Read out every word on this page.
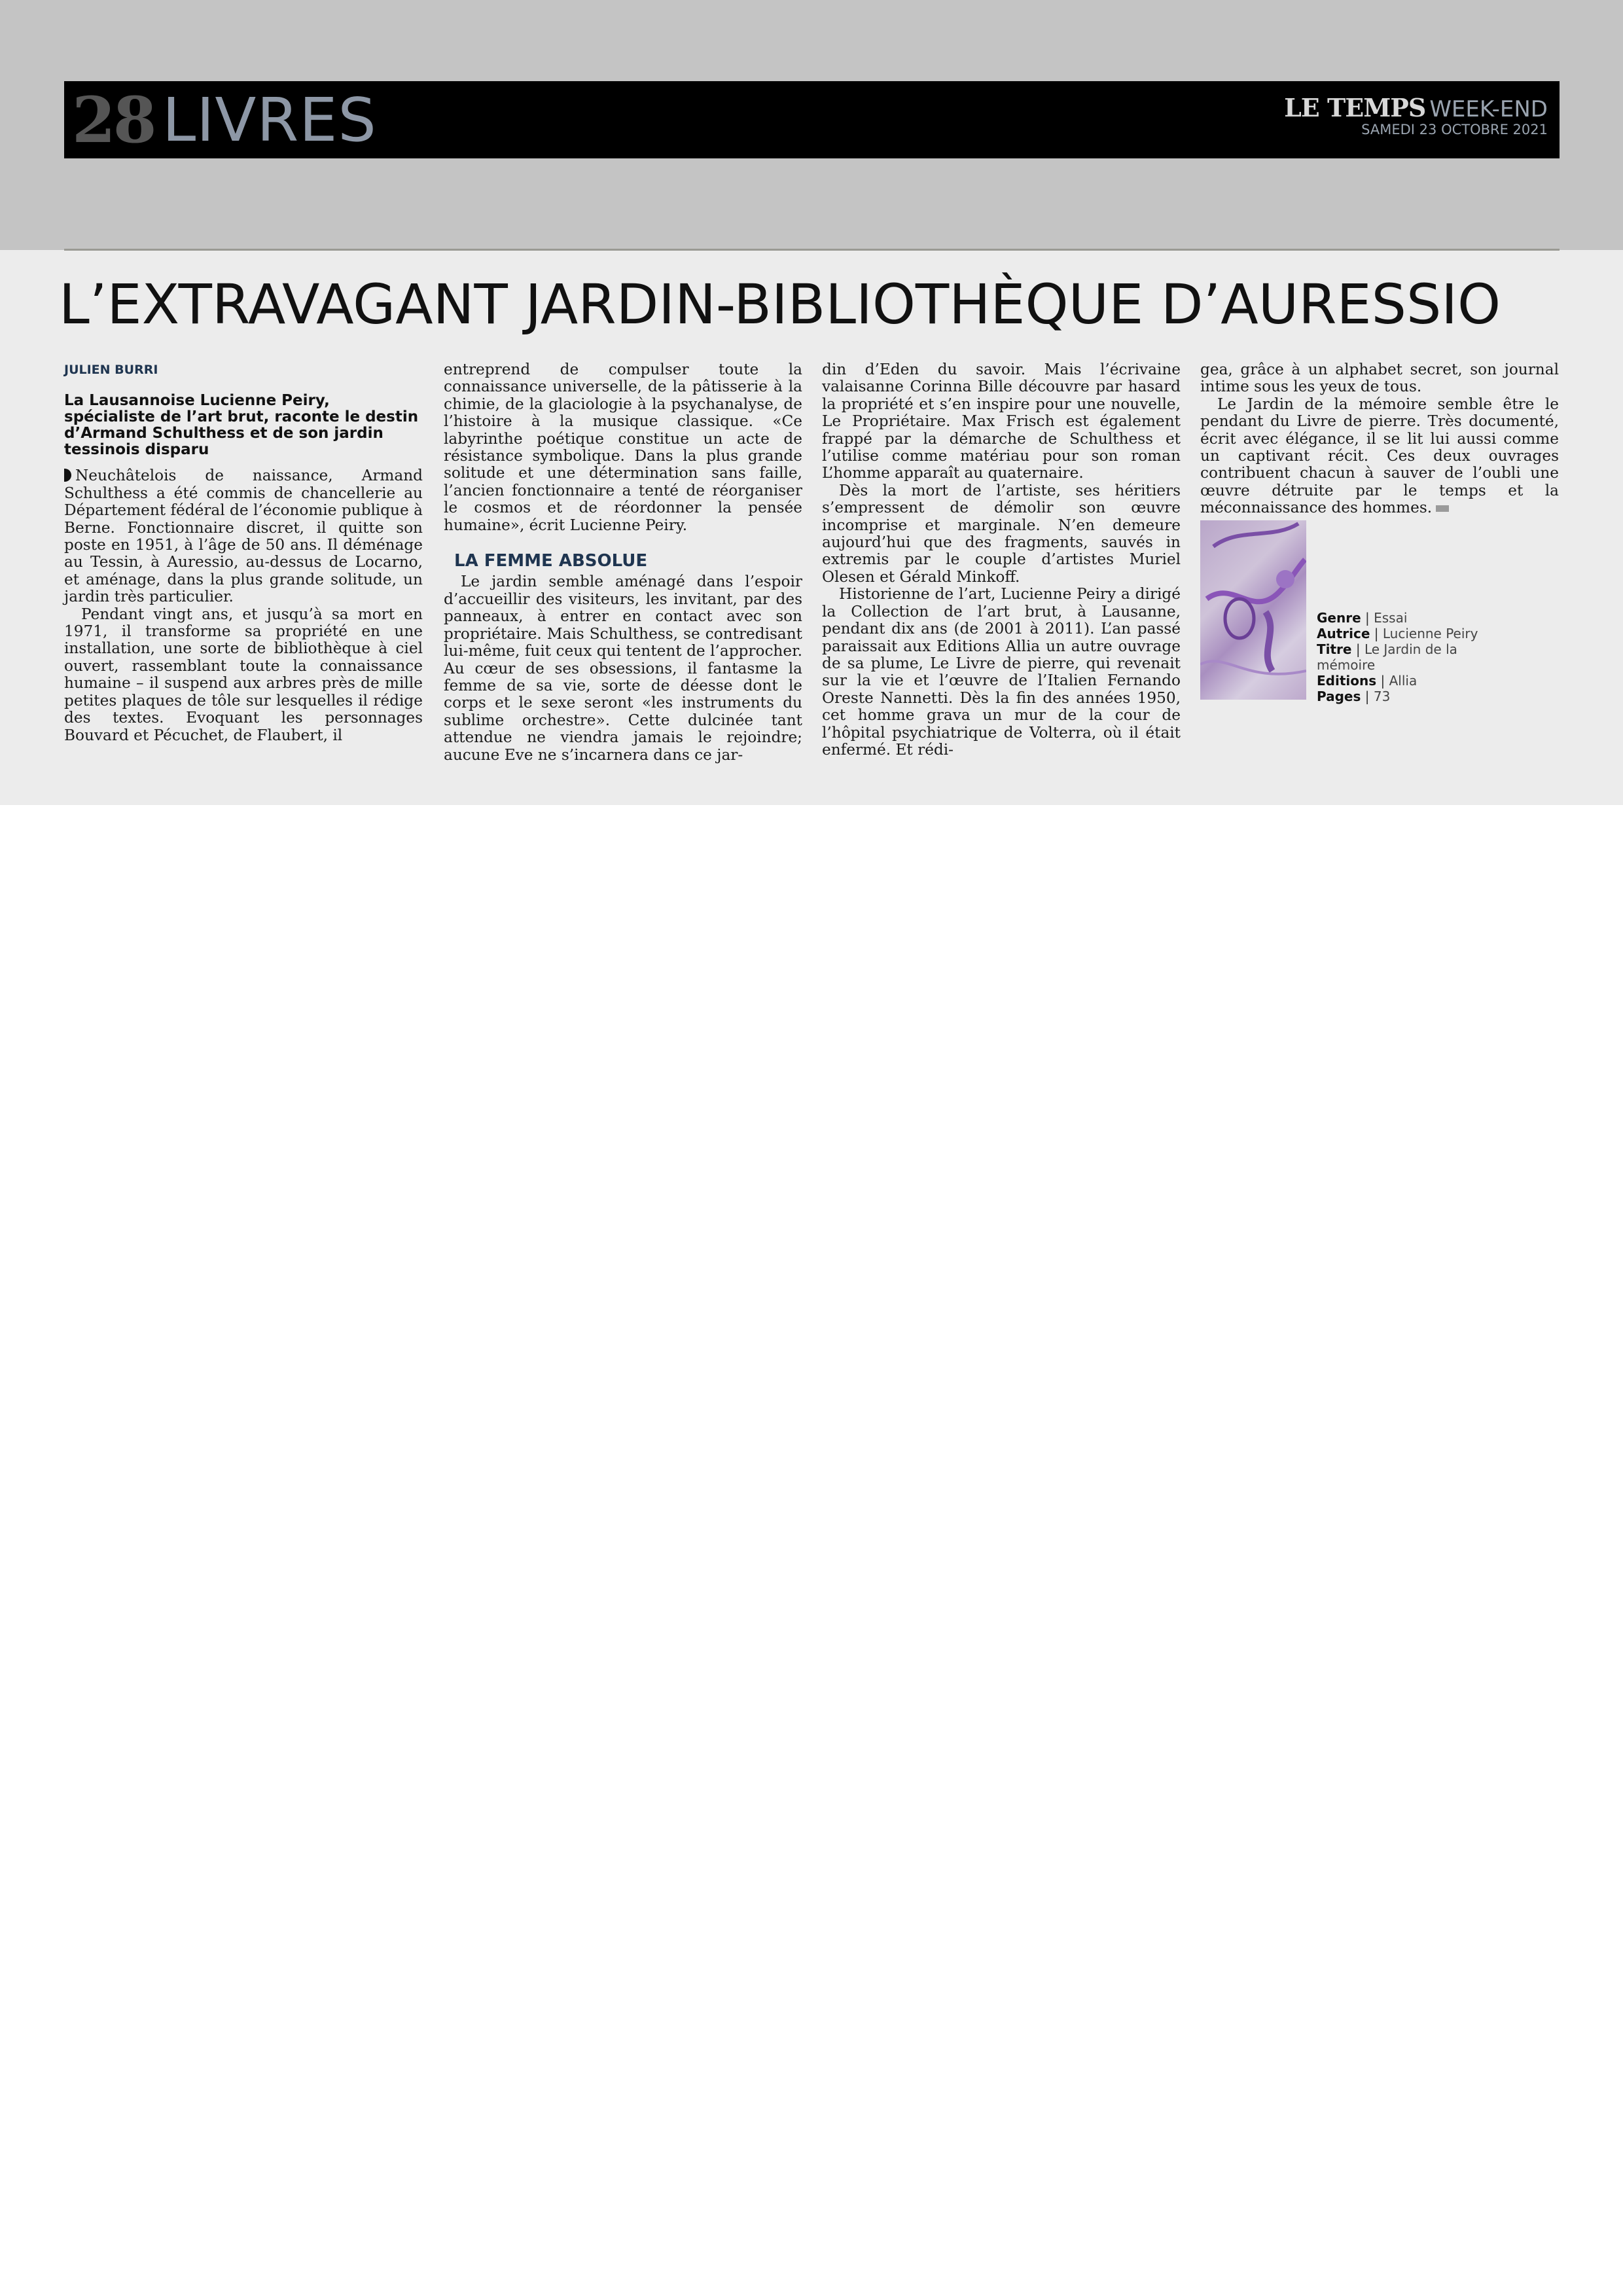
28 LIVRES	LE TEMPS WEEK-END
SAMEDI 23 OCTOBRE 2021
L’EXTRAVAGANT JARDIN-BIBLIOTHÈQUE D’AURESSIO
JULIEN BURRI
La Lausannoise Lucienne Peiry, spécialiste de l’art brut, raconte le destin d’Armand Schulthess et de son jardin tessinois disparu

Neuchâtelois de naissance, Armand Schulthess a été commis de chancellerie au Département fédéral de l’économie publique à Berne. Fonctionnaire discret, il quitte son poste en 1951, à l’âge de 50 ans. Il déménage au Tessin, à Auressio, au-dessus de Locarno, et aménage, dans la plus grande solitude, un jardin très particulier.

Pendant vingt ans, et jusqu’à sa mort en 1971, il transforme sa propriété en une installation, une sorte de bibliothèque à ciel ouvert, rassemblant toute la connaissance humaine – il suspend aux arbres près de mille petites plaques de tôle sur lesquelles il rédige des textes. Evoquant les personnages Bouvard et Pécuchet, de Flaubert, il

entreprend de compulser toute la connaissance universelle, de la pâtisserie à la chimie, de la glaciologie à la psychanalyse, de l’histoire à la musique classique. «Ce labyrinthe poétique constitue un acte de résistance symbolique. Dans la plus grande solitude et une détermination sans faille, l’ancien fonctionnaire a tenté de réorganiser le cosmos et de réordonner la pensée humaine», écrit Lucienne Peiry.

LA FEMME ABSOLUE

Le jardin semble aménagé dans l’espoir d’accueillir des visiteurs, les invitant, par des panneaux, à entrer en contact avec son propriétaire. Mais Schulthess, se contredisant lui-même, fuit ceux qui tentent de l’approcher. Au cœur de ses obsessions, il fantasme la femme de sa vie, sorte de déesse dont le corps et le sexe seront «les instruments du sublime orchestre». Cette dulcinée tant attendue ne viendra jamais le rejoindre; aucune Eve ne s’incarnera dans ce jar-

din d’Eden du savoir. Mais l’écrivaine valaisanne Corinna Bille découvre par hasard la propriété et s’en inspire pour une nouvelle, Le Propriétaire. Max Frisch est également frappé par la démarche de Schulthess et l’utilise comme matériau pour son roman L’homme apparaît au quaternaire.

Dès la mort de l’artiste, ses héritiers s’empressent de démolir son œuvre incomprise et marginale. N’en demeure aujourd’hui que des fragments, sauvés in extremis par le couple d’artistes Muriel Olesen et Gérald Minkoff.

Historienne de l’art, Lucienne Peiry a dirigé la Collection de l’art brut, à Lausanne, pendant dix ans (de 2001 à 2011). L’an passé paraissait aux Editions Allia un autre ouvrage de sa plume, Le Livre de pierre, qui revenait sur la vie et l’œuvre de l’Italien Fernando Oreste Nannetti. Dès la fin des années 1950, cet homme grava un mur de la cour de l’hôpital psychiatrique de Volterra, où il était enfermé. Et rédi-

gea, grâce à un alphabet secret, son journal intime sous les yeux de tous.

Le Jardin de la mémoire semble être le pendant du Livre de pierre. Très documenté, écrit avec élégance, il se lit lui aussi comme un captivant récit. Ces deux ouvrages contribuent chacun à sauver de l’oubli une œuvre détruite par le temps et la méconnaissance des hommes.

Genre | Essai
Autrice | Lucienne Peiry
Titre | Le Jardin de la mémoire
Editions | Allia
Pages | 73
